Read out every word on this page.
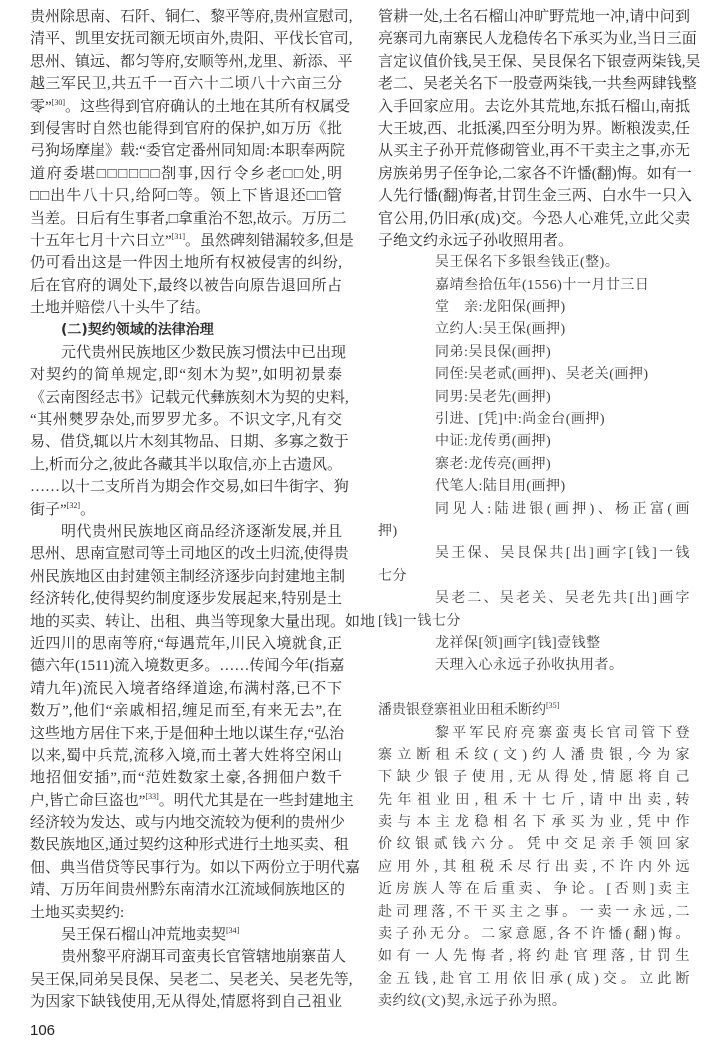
贵州除思南、石阡、铜仁、黎平等府,贵州宣慰司,
清平、凯里安抚司额无顷亩外,贵阳、平伐长官司,
思州、镇远、都匀等府,安顺等州,龙里、新添、平
越三军民卫,共五千一百六十二顷八十六亩三分
零”[30]。这些得到官府确认的土地在其所有权属受
到侵害时自然也能得到官府的保护,如万历《批
弓狗场摩崖》载:“委官定番州同知周:本职奉两院
道府委堪□□□□□□剳事,因行令乡老□□处,明
□□出牛八十只,给阿□等。领上下皆退还□□管
当差。日后有生事者,□拿重治不恕,故示。万历二
十五年七月十六日立”[31]。虽然碑刻错漏较多,但是
仍可看出这是一件因土地所有权被侵害的纠纷,
后在官府的调处下,最终以被告向原告退回所占
土地并赔偿八十头牛了结。
(二)契约领域的法律治理
元代贵州民族地区少数民族习惯法中已出现
对契约的简单规定,即“刻木为契”,如明初景泰
《云南图经志书》记载元代彝族刻木为契的史料,
“其州僰罗杂处,而罗罗尤多。不识文字,凡有交
易、借贷,辄以片木刻其物品、日期、多寡之数于
上,析而分之,彼此各藏其半以取信,亦上古遗风。
……以十二支所肖为期会作交易,如曰牛街字、狗
街子”[32]。
明代贵州民族地区商品经济逐渐发展,并且
思州、思南宣慰司等土司地区的改土归流,使得贵
州民族地区由封建领主制经济逐步向封建地主制
经济转化,使得契约制度逐步发展起来,特别是土
地的买卖、转让、出租、典当等现象大量出现。如地
近四川的思南等府,“每遇荒年,川民入境就食,正
德六年(1511)流入境数更多。……传闻今年(指嘉
靖九年)流民入境者络绎道途,布满村落,已不下
数万”,他们“亲戚相招,缠足而至,有来无去”,在
这些地方居住下来,于是佃种土地以谋生存,“弘治
以来,蜀中兵荒,流移入境,而土著大姓将空闲山
地招佃安插”,而“范姓数家土豪,各拥佃户数千
户,皆亡命巨盗也”[33]。明代尤其是在一些封建地主
经济较为发达、或与内地交流较为便利的贵州少
数民族地区,通过契约这种形式进行土地买卖、租
佃、典当借贷等民事行为。如以下两份立于明代嘉
靖、万历年间贵州黔东南清水江流域侗族地区的
土地买卖契约:
吴王保石榴山冲荒地卖契[34]
贵州黎平府湖耳司蛮夷长官管辖地崩寨苗人
吴王保,同弟吴艮保、吴老二、吴老关、吴老先等,
为因家下缺钱使用,无从得处,情愿将到自己祖业
管耕一处,土名石榴山冲旷野荒地一冲,请中问到
亮寨司九南寨民人龙稳传名下承买为业,当日三面
言定议值价钱,吴王保、吴艮保名下银壹两柒钱,吴
老二、吴老关名下一股壹两柒钱,一共叁两肆钱整
入手回家应用。去讫外其荒地,东抵石榴山,南抵
大王坡,西、北抵溪,四至分明为界。断粮泼卖,任
从买主子孙开荒修砌管业,再不干卖主之事,亦无
房族弟男子侄争论,二家各不许憣(翻)悔。如有一
人先行憣(翻)悔者,甘罚生金三两、白水牛一只入
官公用,仍旧承(成)交。今恐人心难凭,立此父卖
子绝文约永远子孙收照用者。
吴王保名下多银叁钱正(整)。
嘉靖叁拾伍年(1556)十一月廿三日
堂　亲:龙阳保(画押)
立约人:吴王保(画押)
同弟:吴艮保(画押)
同侄:吴老贰(画押)、吴老关(画押)
同男:吴老先(画押)
引进、[凭]中:尚金台(画押)
中证:龙传勇(画押)
寨老:龙传亮(画押)
代笔人:陆目用(画押)
同见人:陆进银(画押)、杨正富(画
押)
吴王保、吴艮保共[出]画字[钱]一钱
七分
吴老二、吴老关、吴老先共[出]画字
[钱]一钱七分
龙祥保[领]画字[钱]壹钱整
天理入心永远子孙收执用者。
潘贵银登寨祖业田租禾断约[35]
黎平军民府亮寨蛮夷长官司管下登
寨立断租禾纹(文)约人潘贵银,今为家
下缺少银子使用,无从得处,情愿将自己
先年祖业田,租禾十七斤,请中出卖,转
卖与本主龙稳相名下承买为业,凭中作
价纹银贰钱六分。凭中交足亲手领回家
应用外,其租税禾尽行出卖,不许内外远
近房族人等在后重卖、争论。[否则]卖主
赴司理落,不干买主之事。一卖一永远,二
卖子孙无分。二家意愿,各不许憣(翻)悔。
如有一人先悔者,将约赴官理落,甘罚生
金五钱,赴官工用依旧承(成)交。立此断
卖约纹(文)契,永远子孙为照。
106
